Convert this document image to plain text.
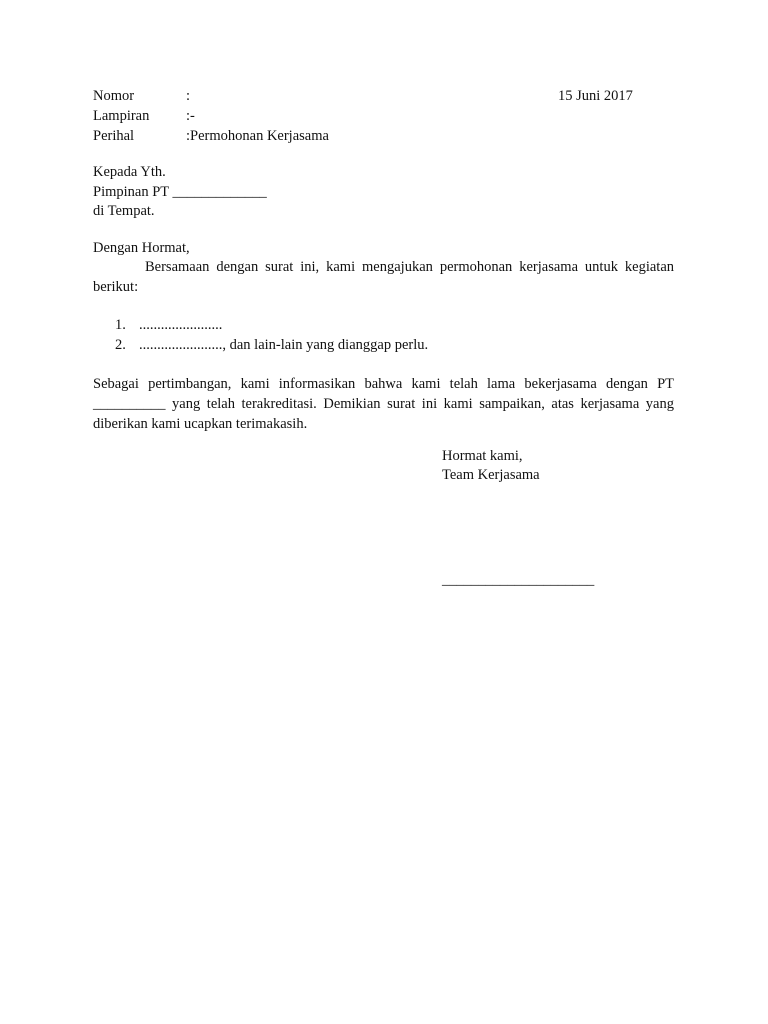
Nomor	:
Lampiran	:-
Perihal	:Permohonan Kerjasama
15 Juni 2017
Kepada Yth.
Pimpinan PT _____________
di Tempat.
Dengan Hormat,
Bersamaan dengan surat ini, kami mengajukan permohonan kerjasama untuk kegiatan berikut:
1. .......................
2. ......................., dan lain-lain yang dianggap perlu.
Sebagai pertimbangan, kami informasikan bahwa kami telah lama bekerjasama dengan PT __________ yang telah terakreditasi. Demikian surat ini kami sampaikan, atas kerjasama yang diberikan kami ucapkan terimakasih.
Hormat kami,
Team Kerjasama
_____________________
